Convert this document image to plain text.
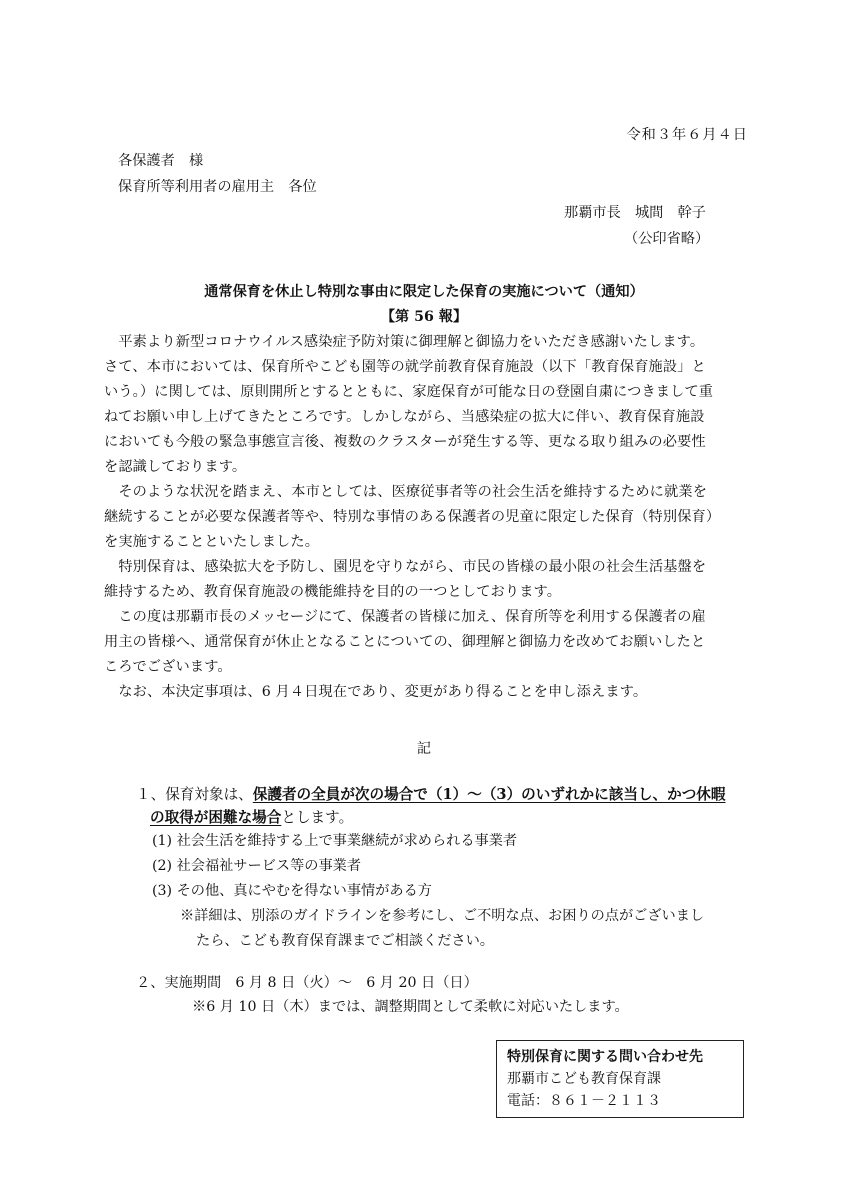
令和３年６月４日
各保護者　様
保育所等利用者の雇用主　各位
那覇市長　城間　幹子
（公印省略）
通常保育を休止し特別な事由に限定した保育の実施について（通知）
【第 56 報】
　平素より新型コロナウイルス感染症予防対策に御理解と御協力をいただき感謝いたします。
さて、本市においては、保育所やこども園等の就学前教育保育施設（以下「教育保育施設」と
いう。）に関しては、原則開所とするとともに、家庭保育が可能な日の登園自粛につきまして重
ねてお願い申し上げてきたところです。しかしながら、当感染症の拡大に伴い、教育保育施設
においても今般の緊急事態宣言後、複数のクラスターが発生する等、更なる取り組みの必要性
を認識しております。
　そのような状況を踏まえ、本市としては、医療従事者等の社会生活を維持するために就業を
継続することが必要な保護者等や、特別な事情のある保護者の児童に限定した保育（特別保育）
を実施することといたしました。
　特別保育は、感染拡大を予防し、園児を守りながら、市民の皆様の最小限の社会生活基盤を
維持するため、教育保育施設の機能維持を目的の一つとしております。
　この度は那覇市長のメッセージにて、保護者の皆様に加え、保育所等を利用する保護者の雇
用主の皆様へ、通常保育が休止となることについての、御理解と御協力を改めてお願いしたと
ころでございます。
　なお、本決定事項は、6 月４日現在であり、変更があり得ることを申し添えます。
記
１、保育対象は、保護者の全員が次の場合で（1）～（3）のいずれかに該当し、かつ休暇
の取得が困難な場合とします。
(1) 社会生活を維持する上で事業継続が求められる事業者
(2) 社会福祉サービス等の事業者
(3) その他、真にやむを得ない事情がある方
※詳細は、別添のガイドラインを参考にし、ご不明な点、お困りの点がございまし
たら、こども教育保育課までご相談ください。
２、実施期間　6 月 8 日（火）～　6 月 20 日（日）
※6 月 10 日（木）までは、調整期間として柔軟に対応いたします。
特別保育に関する問い合わせ先
那覇市こども教育保育課
電話：８６１－２１１３
